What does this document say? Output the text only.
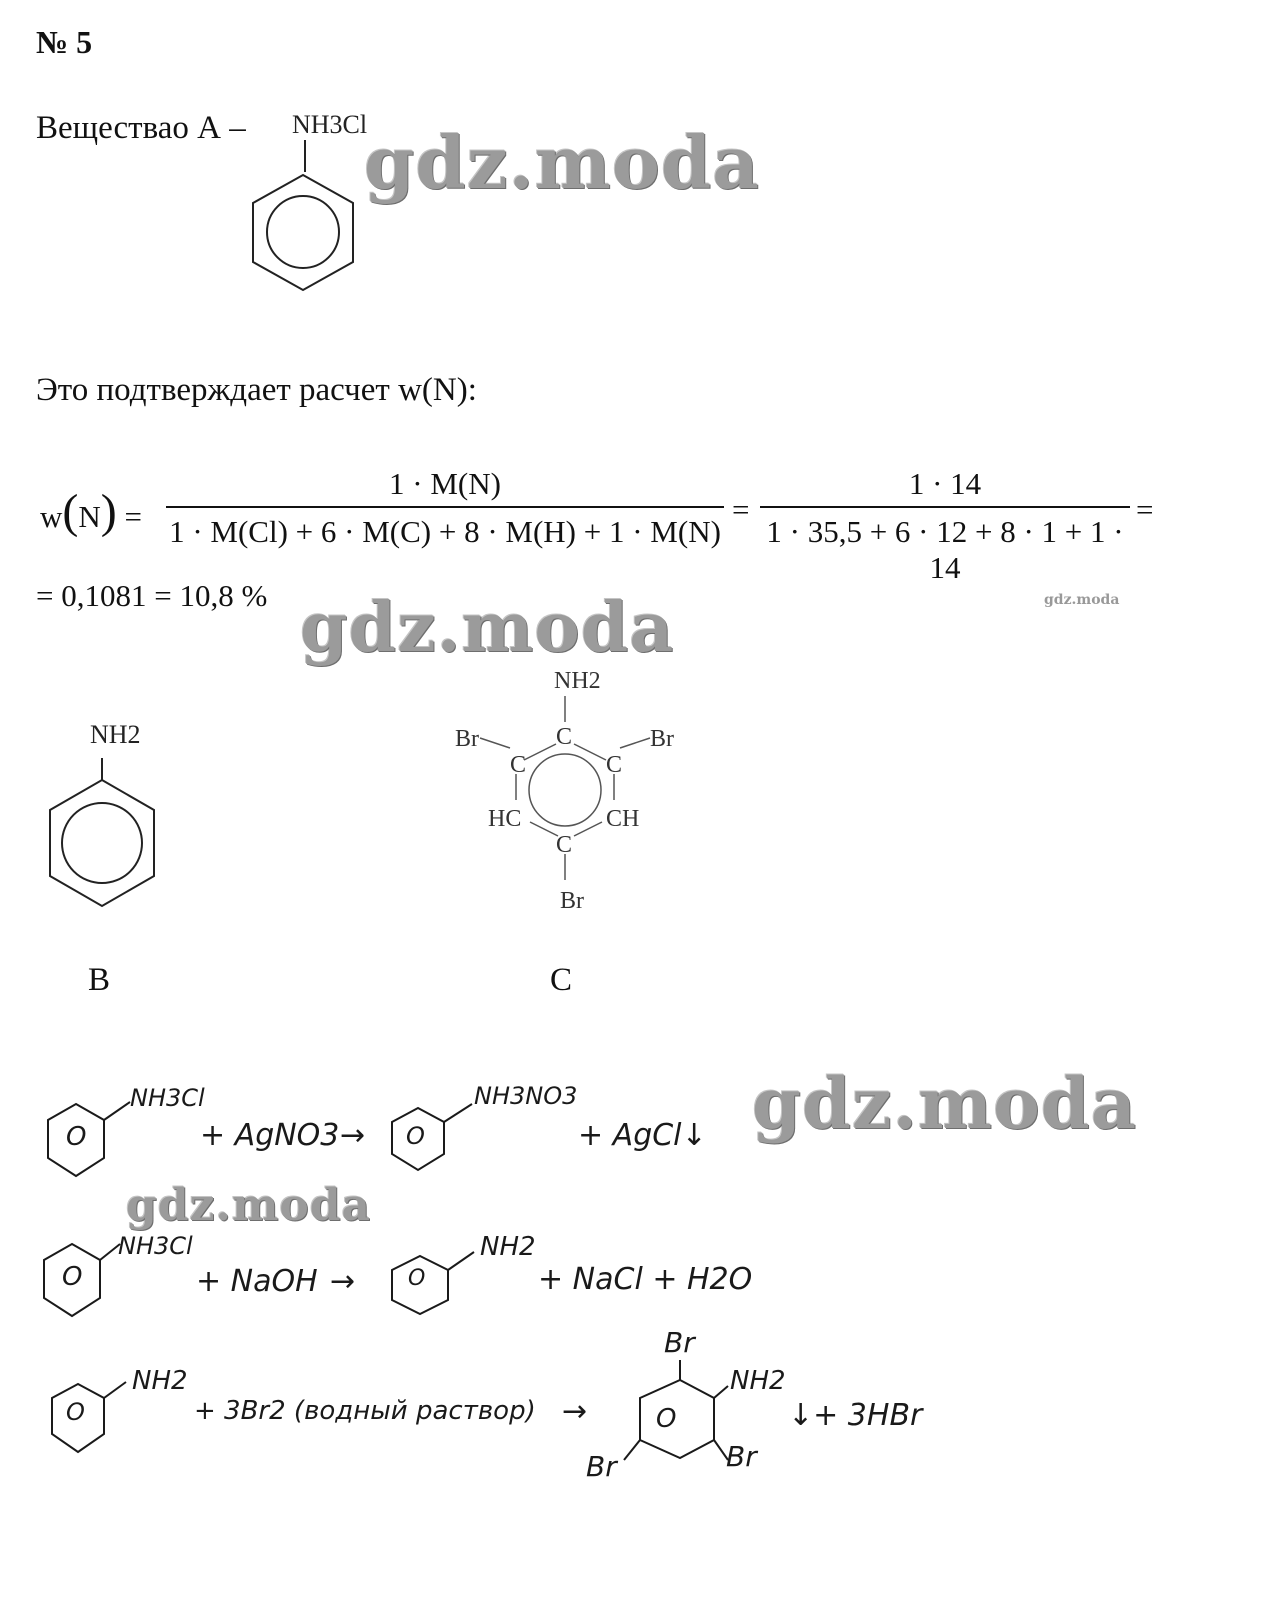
№ 5
Веществао А – NH3Cl
gdz.moda
Это подтверждает расчет w(N):
w(N) =
1 · M(N)
1 · M(Cl) + 6 · M(C) + 8 · M(H) + 1 · M(N)
=
1 · 14
1 · 35,5 + 6 · 12 + 8 · 1 + 1 · 14
=
= 0,1081 = 10,8 % gdz.moda	gdz.moda
NH2
B
NH2
Br	Br
C
C	C
HC	CH
C
Br
C
O
NH3Cl
+ AgNO3 → O
NH3NO3
+ AgCl↓ gdz.moda
gdz.moda
O
NH3Cl
+ NaOH → O
NH2
+ NaCl + H2O
O
NH2
+ 3Br2 (водный раствор) →
Br
O
NH2
Br	Br
↓+ 3HBr
